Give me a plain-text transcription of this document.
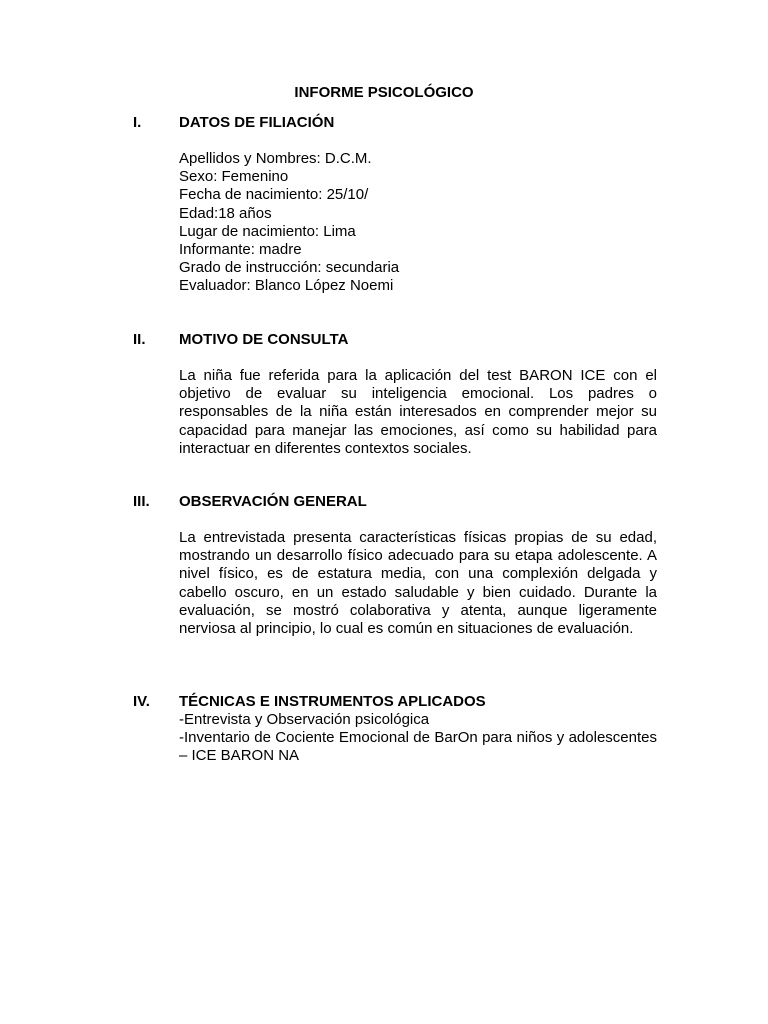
INFORME PSICOLÓGICO
I.	DATOS DE FILIACIÓN
Apellidos y Nombres: D.C.M.
Sexo: Femenino
Fecha de nacimiento: 25/10/
Edad:18 años
Lugar de nacimiento: Lima
Informante: madre
Grado de instrucción: secundaria
Evaluador: Blanco López Noemi
II. MOTIVO DE CONSULTA
La niña fue referida para la aplicación del test BARON ICE con el objetivo de evaluar su inteligencia emocional. Los padres o responsables de la niña están interesados en comprender mejor su capacidad para manejar las emociones, así como su habilidad para interactuar en diferentes contextos sociales.
III. OBSERVACIÓN GENERAL
La entrevistada presenta características físicas propias de su edad, mostrando un desarrollo físico adecuado para su etapa adolescente. A nivel físico, es de estatura media, con una complexión delgada y cabello oscuro, en un estado saludable y bien cuidado. Durante la evaluación, se mostró colaborativa y atenta, aunque ligeramente nerviosa al principio, lo cual es común en situaciones de evaluación.
IV. TÉCNICAS E INSTRUMENTOS APLICADOS
-Entrevista y Observación psicológica
-Inventario de Cociente Emocional de BarOn para niños y adolescentes – ICE BARON NA
